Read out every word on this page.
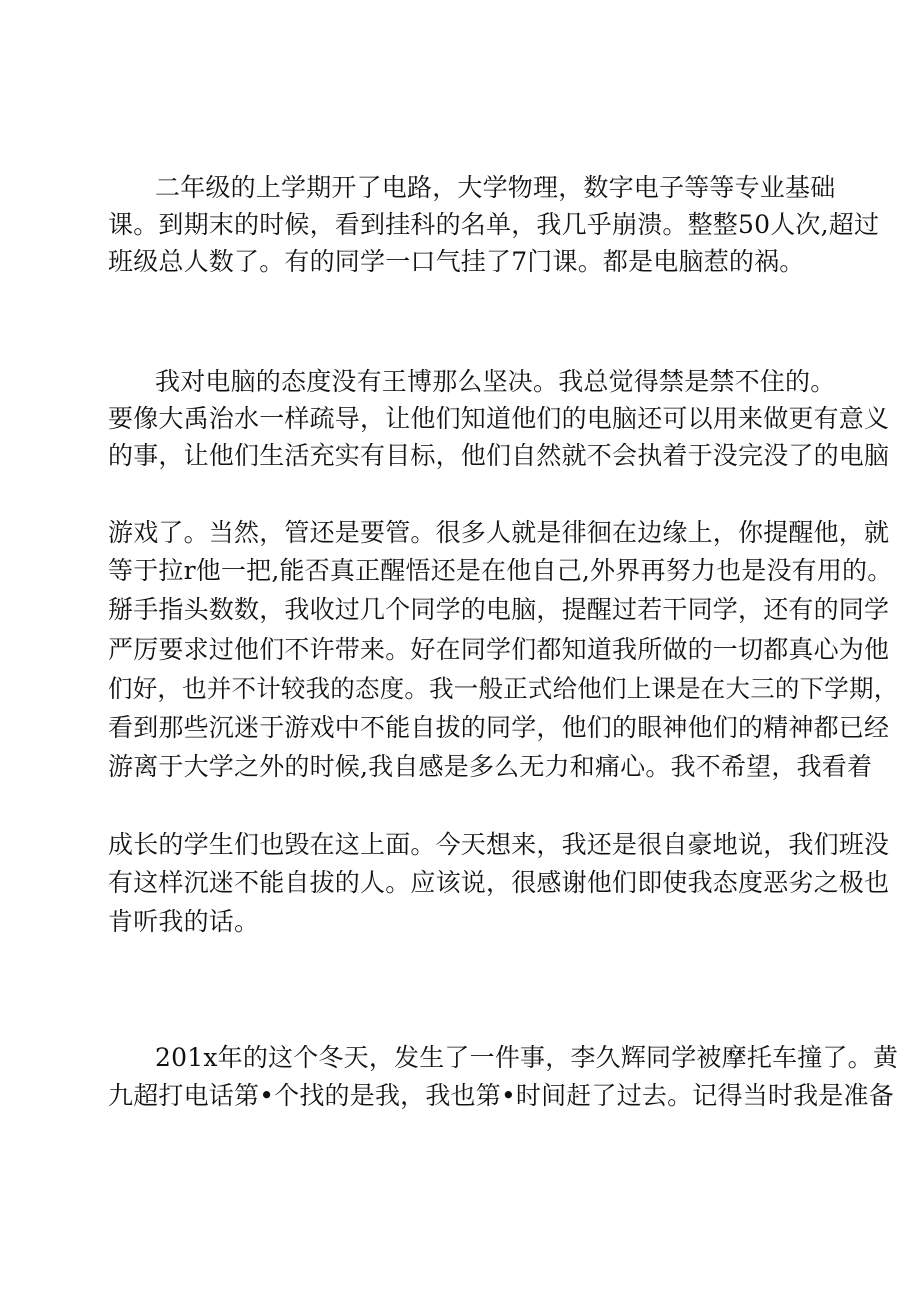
二年级的上学期开了电路，大学物理，数字电子等等专业基础
课。到期末的时候，看到挂科的名单，我几乎崩溃。整整50人次,超过
班级总人数了。有的同学一口气挂了7门课。都是电脑惹的祸。
我对电脑的态度没有王博那么坚决。我总觉得禁是禁不住的。
要像大禹治水一样疏导，让他们知道他们的电脑还可以用来做更有意义
的事，让他们生活充实有目标，他们自然就不会执着于没完没了的电脑
游戏了。当然，管还是要管。很多人就是徘徊在边缘上，你提醒他，就
等于拉r他一把,能否真正醒悟还是在他自己,外界再努力也是没有用的。
掰手指头数数，我收过几个同学的电脑，提醒过若干同学，还有的同学
严厉要求过他们不许带来。好在同学们都知道我所做的一切都真心为他
们好，也并不计较我的态度。我一般正式给他们上课是在大三的下学期，
看到那些沉迷于游戏中不能自拔的同学，他们的眼神他们的精神都已经
游离于大学之外的时候,我自感是多么无力和痛心。我不希望，我看着
成长的学生们也毁在这上面。今天想来，我还是很自豪地说，我们班没
有这样沉迷不能自拔的人。应该说，很感谢他们即使我态度恶劣之极也
肯听我的话。
201x年的这个冬天，发生了一件事，李久辉同学被摩托车撞了。黄
九超打电话第•个找的是我，我也第•时间赶了过去。记得当时我是准备
